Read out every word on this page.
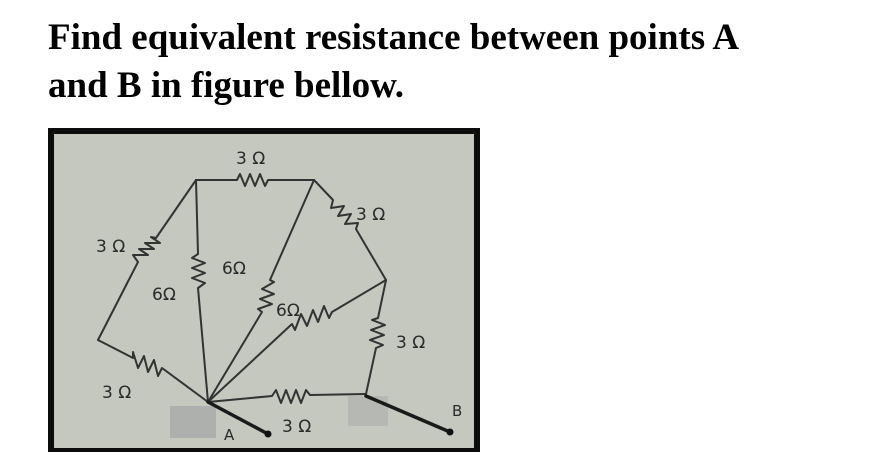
Find equivalent resistance between points A
and B in figure bellow.
3 Ω
3 Ω
3 Ω
6Ω
6Ω
6Ω
3 Ω
3 Ω
3 Ω
A
B
